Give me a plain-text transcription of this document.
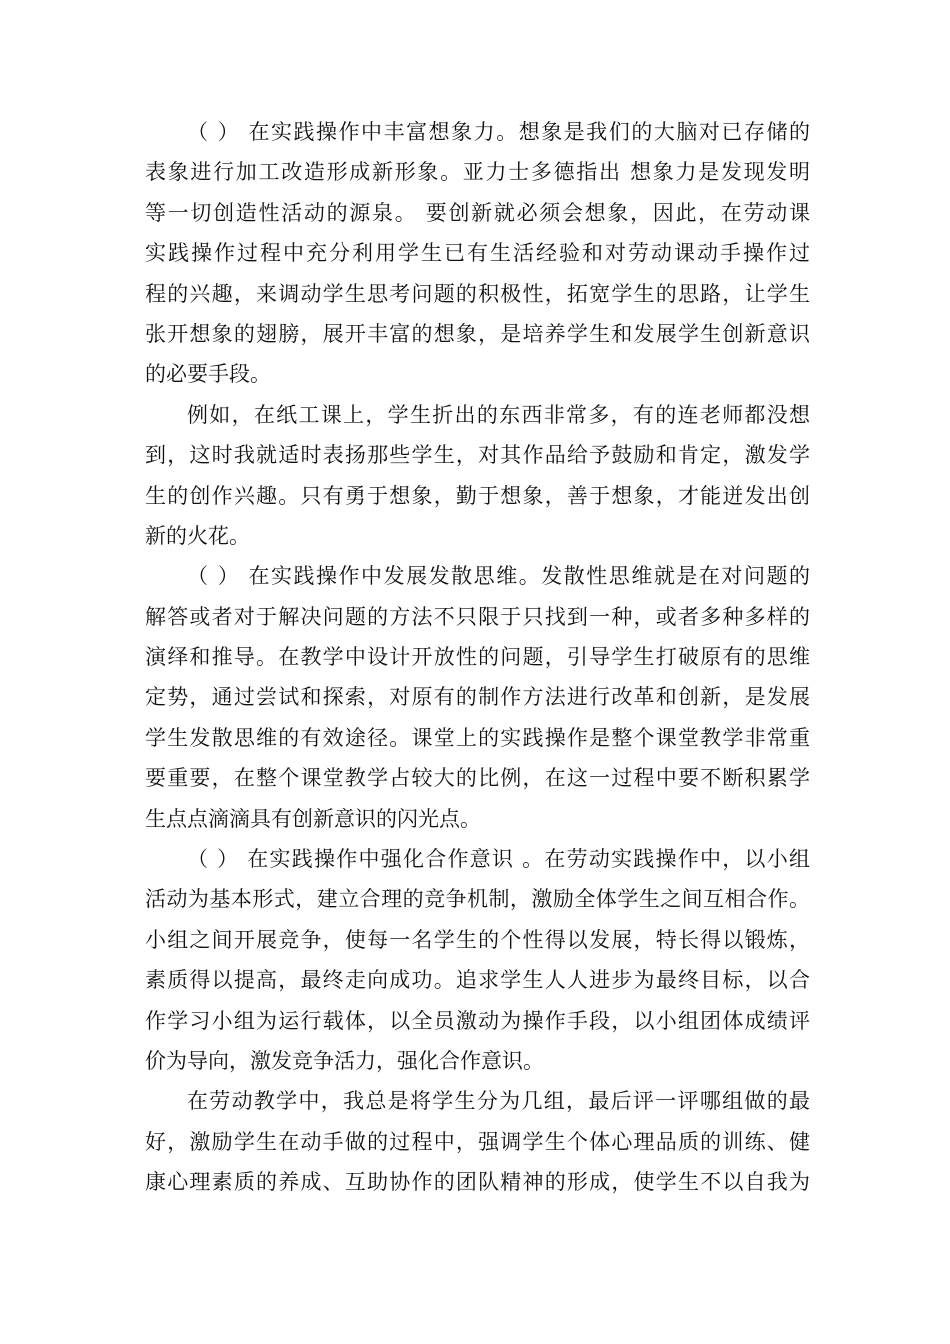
（ ） 在实践操作中丰富想象力。想象是我们的大脑对已存储的
表象进行加工改造形成新形象。亚力士多德指出 想象力是发现发明
等一切创造性活动的源泉。 要创新就必须会想象，因此，在劳动课
实践操作过程中充分利用学生已有生活经验和对劳动课动手操作过
程的兴趣，来调动学生思考问题的积极性，拓宽学生的思路，让学生
张开想象的翅膀，展开丰富的想象，是培养学生和发展学生创新意识
的必要手段。
例如，在纸工课上，学生折出的东西非常多，有的连老师都没想
到，这时我就适时表扬那些学生，对其作品给予鼓励和肯定，激发学
生的创作兴趣。只有勇于想象，勤于想象，善于想象，才能迸发出创
新的火花。
（ ） 在实践操作中发展发散思维。发散性思维就是在对问题的
解答或者对于解决问题的方法不只限于只找到一种，或者多种多样的
演绎和推导。在教学中设计开放性的问题，引导学生打破原有的思维
定势，通过尝试和探索，对原有的制作方法进行改革和创新，是发展
学生发散思维的有效途径。课堂上的实践操作是整个课堂教学非常重
要重要，在整个课堂教学占较大的比例，在这一过程中要不断积累学
生点点滴滴具有创新意识的闪光点。
（ ） 在实践操作中强化合作意识 。在劳动实践操作中，以小组
活动为基本形式，建立合理的竞争机制，激励全体学生之间互相合作。
小组之间开展竞争，使每一名学生的个性得以发展，特长得以锻炼，
素质得以提高，最终走向成功。追求学生人人进步为最终目标，以合
作学习小组为运行载体，以全员激动为操作手段，以小组团体成绩评
价为导向，激发竞争活力，强化合作意识。
在劳动教学中，我总是将学生分为几组，最后评一评哪组做的最
好，激励学生在动手做的过程中，强调学生个体心理品质的训练、健
康心理素质的养成、互助协作的团队精神的形成，使学生不以自我为
